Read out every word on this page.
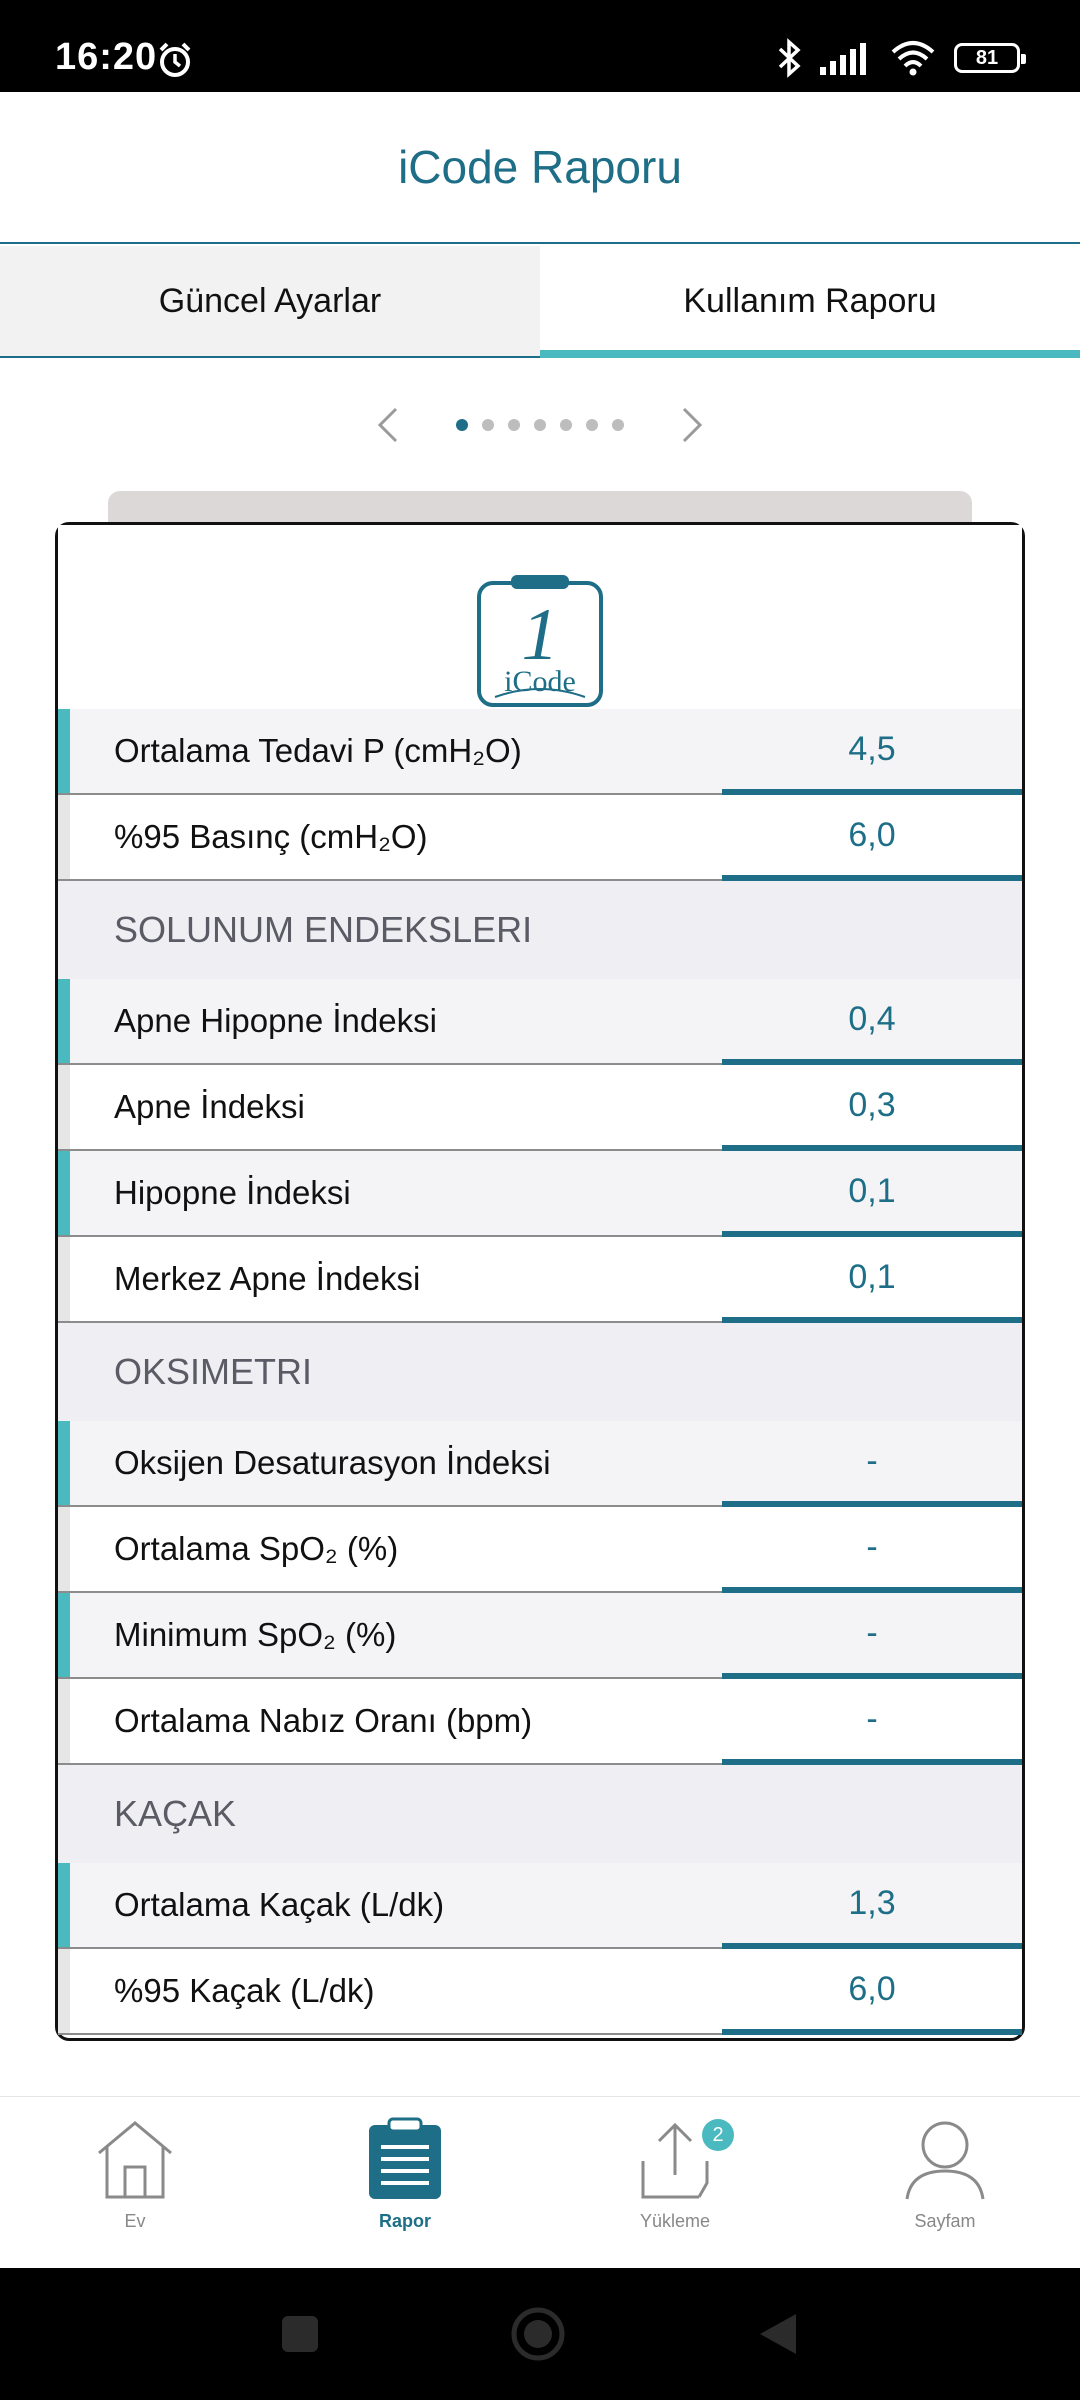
16:20	81
iCode Raporu
Güncel Ayarlar	Kullanım Raporu
1
iCode
Ortalama Tedavi P (cmH₂O)	4,5
%95 Basınç (cmH₂O)	6,0
SOLUNUM ENDEKSLERI
Apne Hipopne İndeksi	0,4
Apne İndeksi	0,3
Hipopne İndeksi	0,1
Merkez Apne İndeksi	0,1
OKSIMETRI
Oksijen Desaturasyon İndeksi	-
Ortalama SpO₂ (%)	-
Minimum SpO₂ (%)	-
Ortalama Nabız Oranı (bpm)	-
KAÇAK
Ortalama Kaçak (L/dk)	1,3
%95 Kaçak (L/dk)	6,0
Ev	Rapor
2
Yükleme	Sayfam
